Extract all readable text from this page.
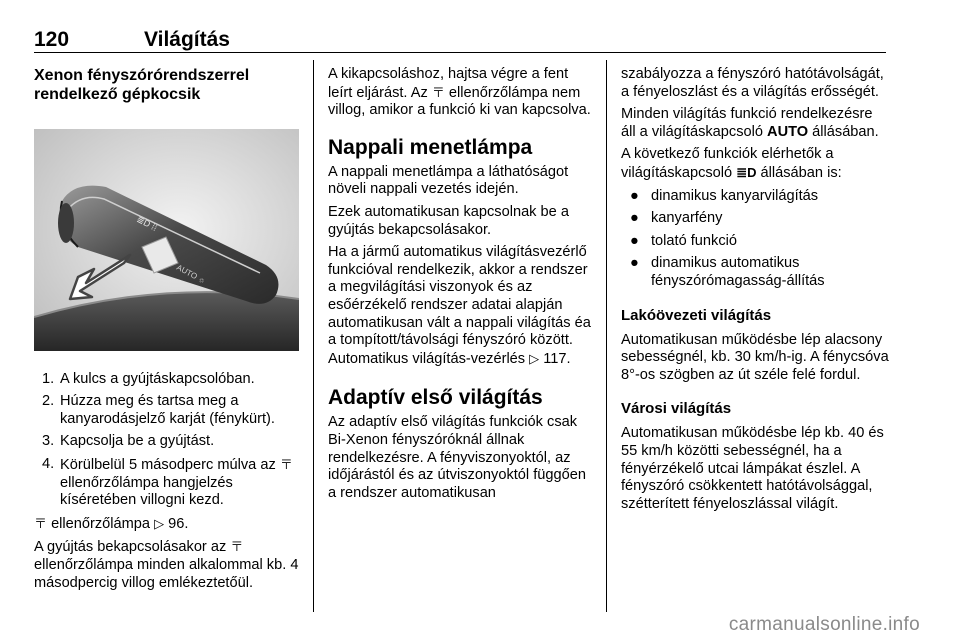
120	Világítás
Xenon fényszórórendszerrel rendelkező gépkocsik
≣D ⁞⁞
AUTO ☼
1. A kulcs a gyújtáskapcsolóban.
2. Húzza meg és tartsa meg a kanyarodásjelző karját (fénykürt).
3. Kapcsolja be a gyújtást.
4. Körülbelül 5 másodperc múlva az 〒 ellenőrzőlámpa hangjelzés kíséretében villogni kezd.

〒 ellenőrzőlámpa ▷ 96.

A gyújtás bekapcsolásakor az 〒 ellenőrzőlámpa minden alkalommal kb. 4 másodpercig villog emlékeztetőül.

A kikapcsoláshoz, hajtsa végre a fent leírt eljárást. Az 〒 ellenőrzőlámpa nem villog, amikor a funkció ki van kapcsolva.

Nappali menetlámpa

A nappali menetlámpa a láthatóságot növeli nappali vezetés idején.

Ezek automatikusan kapcsolnak be a gyújtás bekapcsolásakor.

Ha a jármű automatikus világításvezérlő funkcióval rendelkezik, akkor a rendszer a megvilágítási viszonyok és az esőérzékelő rendszer adatai alapján automatikusan vált a nappali világítás éa a tompított/távolsági fényszóró között. Automatikus világítás-vezérlés ▷ 117.

Adaptív első világítás

Az adaptív első világítás funkciók csak Bi-Xenon fényszóróknál állnak rendelkezésre. A fényviszonyoktól, az időjárástól és az útviszonyoktól függően a rendszer automatikusan

szabályozza a fényszóró hatótávolságát, a fényeloszlást és a világítás erősségét.

Minden világítás funkció rendelkezésre áll a világításkapcsoló AUTO állásában.

A következő funkciók elérhetők a világításkapcsoló ≣D állásában is:

● dinamikus kanyarvilágítás
● kanyarfény
● tolató funkció
● dinamikus automatikus fényszórómagasság-állítás
Lakóövezeti világítás

Automatikusan működésbe lép alacsony sebességnél, kb. 30 km/h-ig. A fénycsóva 8°-os szögben az út széle felé fordul.

Városi világítás

Automatikusan működésbe lép kb. 40 és 55 km/h közötti sebességnél, ha a fényérzékelő utcai lámpákat észlel. A fényszóró csökkentett hatótávolsággal, szétterített fényeloszlással világít.

carmanualsonline.info
